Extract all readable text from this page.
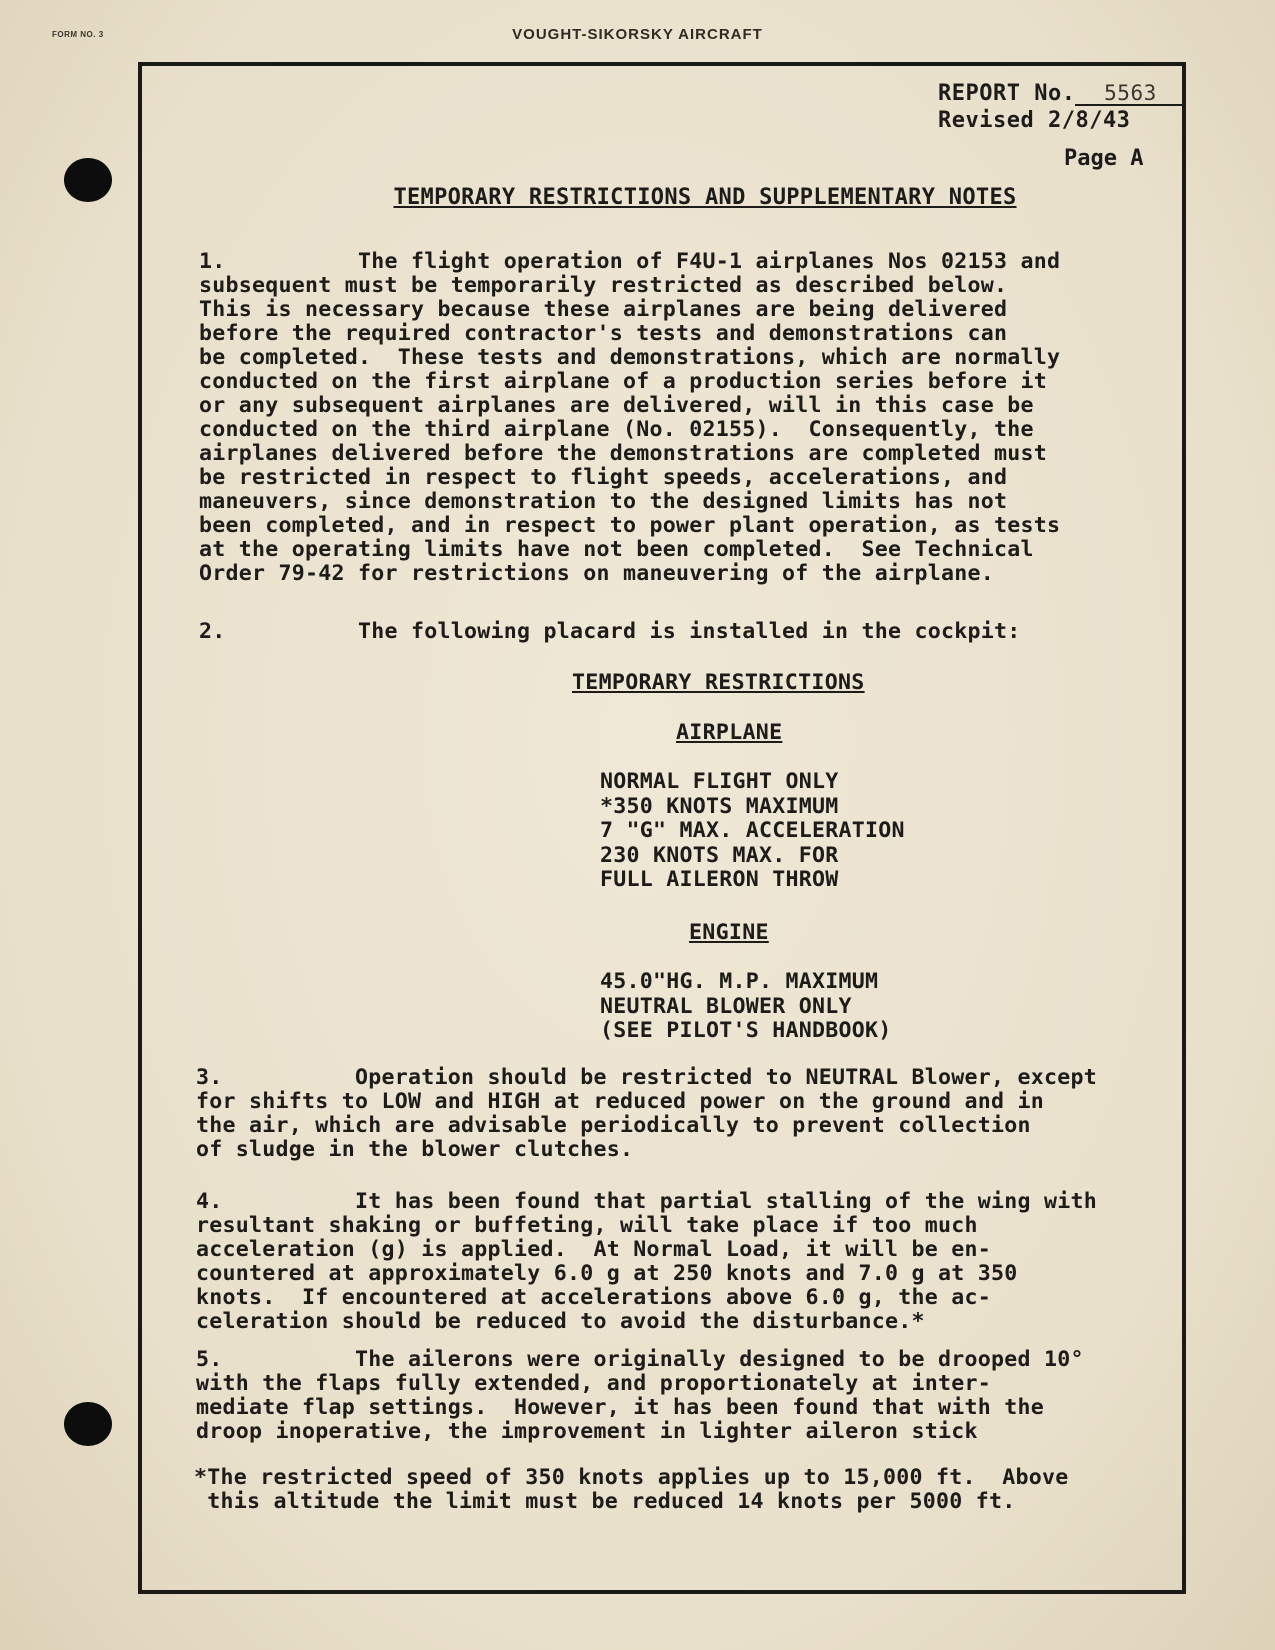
FORM NO. 3	VOUGHT-SIKORSKY AIRCRAFT
REPORT No. 5563
Revised 2/8/43
Page A
TEMPORARY RESTRICTIONS AND SUPPLEMENTARY NOTES
1.          The flight operation of F4U-1 airplanes Nos 02153 and
subsequent must be temporarily restricted as described below.
This is necessary because these airplanes are being delivered
before the required contractor's tests and demonstrations can
be completed.  These tests and demonstrations, which are normally
conducted on the first airplane of a production series before it
or any subsequent airplanes are delivered, will in this case be
conducted on the third airplane (No. 02155).  Consequently, the
airplanes delivered before the demonstrations are completed must
be restricted in respect to flight speeds, accelerations, and
maneuvers, since demonstration to the designed limits has not
been completed, and in respect to power plant operation, as tests
at the operating limits have not been completed.  See Technical
Order 79-42 for restrictions on maneuvering of the airplane.
2.          The following placard is installed in the cockpit:
TEMPORARY RESTRICTIONS
AIRPLANE
NORMAL FLIGHT ONLY
*350 KNOTS MAXIMUM
7 "G" MAX. ACCELERATION
230 KNOTS MAX. FOR
FULL AILERON THROW
ENGINE
45.0"HG. M.P. MAXIMUM
NEUTRAL BLOWER ONLY
(SEE PILOT'S HANDBOOK)
3.          Operation should be restricted to NEUTRAL Blower, except
for shifts to LOW and HIGH at reduced power on the ground and in
the air, which are advisable periodically to prevent collection
of sludge in the blower clutches.
4.          It has been found that partial stalling of the wing with
resultant shaking or buffeting, will take place if too much
acceleration (g) is applied.  At Normal Load, it will be en-
countered at approximately 6.0 g at 250 knots and 7.0 g at 350
knots.  If encountered at accelerations above 6.0 g, the ac-
celeration should be reduced to avoid the disturbance.*
5.          The ailerons were originally designed to be drooped 10°
with the flaps fully extended, and proportionately at inter-
mediate flap settings.  However, it has been found that with the
droop inoperative, the improvement in lighter aileron stick
*The restricted speed of 350 knots applies up to 15,000 ft.  Above
this altitude the limit must be reduced 14 knots per 5000 ft.
